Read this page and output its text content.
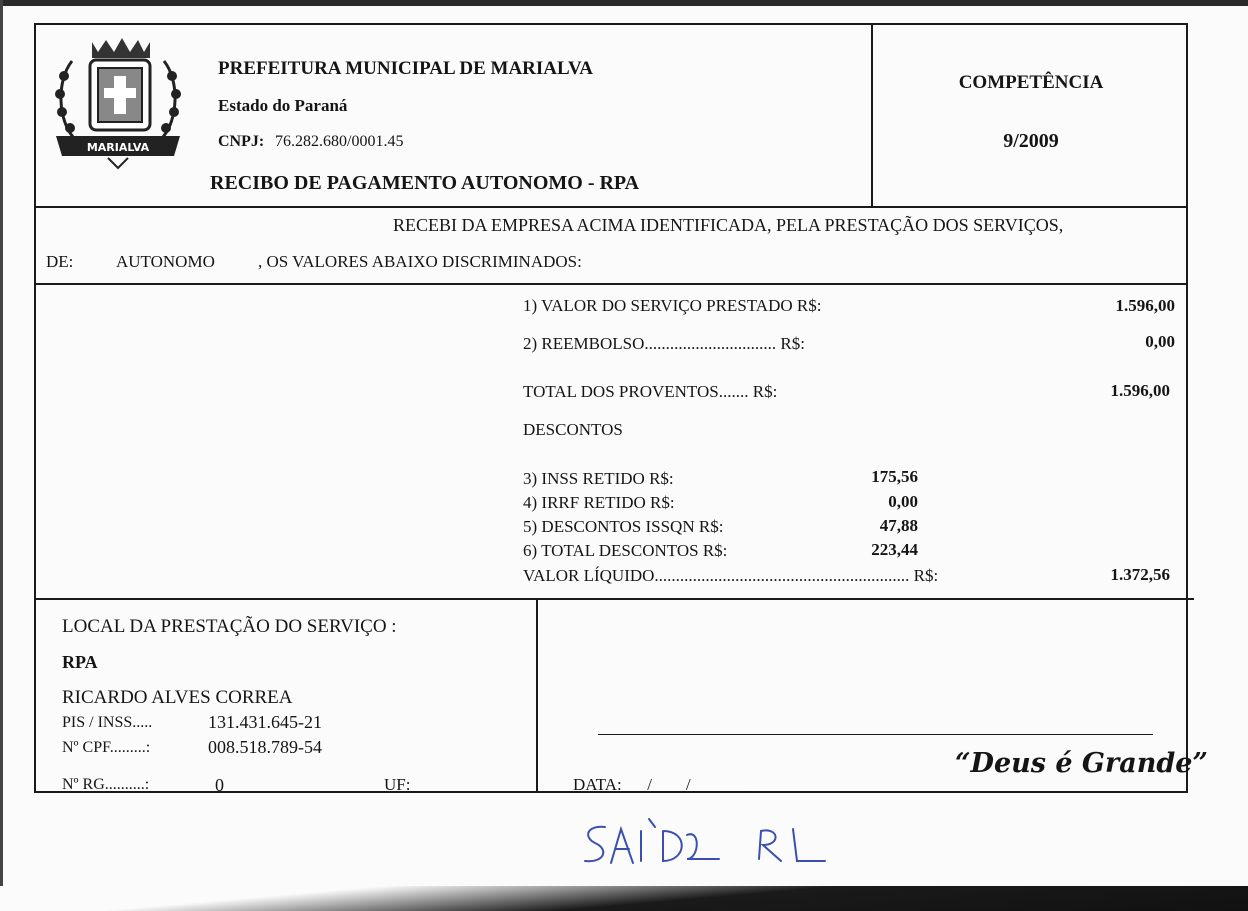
MARIALVA
PREFEITURA MUNICIPAL DE MARIALVA
Estado do Paraná
CNPJ: 76.282.680/0001.45
RECIBO DE PAGAMENTO AUTONOMO - RPA
COMPETÊNCIA
9/2009
RECEBI DA EMPRESA ACIMA IDENTIFICADA, PELA PRESTAÇÃO DOS SERVIÇOS,
DE:	AUTONOMO	, OS VALORES ABAIXO DISCRIMINADOS:
1) VALOR DO SERVIÇO PRESTADO R$:	1.596,00
2) REEMBOLSO............................... R$:	0,00
TOTAL DOS PROVENTOS....... R$:	1.596,00
DESCONTOS
3) INSS RETIDO R$:	175,56
4) IRRF RETIDO R$:	0,00
5) DESCONTOS ISSQN R$:	47,88
6) TOTAL DESCONTOS R$:	223,44
VALOR LÍQUIDO............................................................ R$:	1.372,56
LOCAL DA PRESTAÇÃO DO SERVIÇO :
RPA
RICARDO ALVES CORREA
PIS / INSS.....	131.431.645-21
Nº CPF.........:	008.518.789-54
Nº RG..........:	0	UF:	DATA:___/____/_______
“Deus é Grande”
SAÚDE RL
